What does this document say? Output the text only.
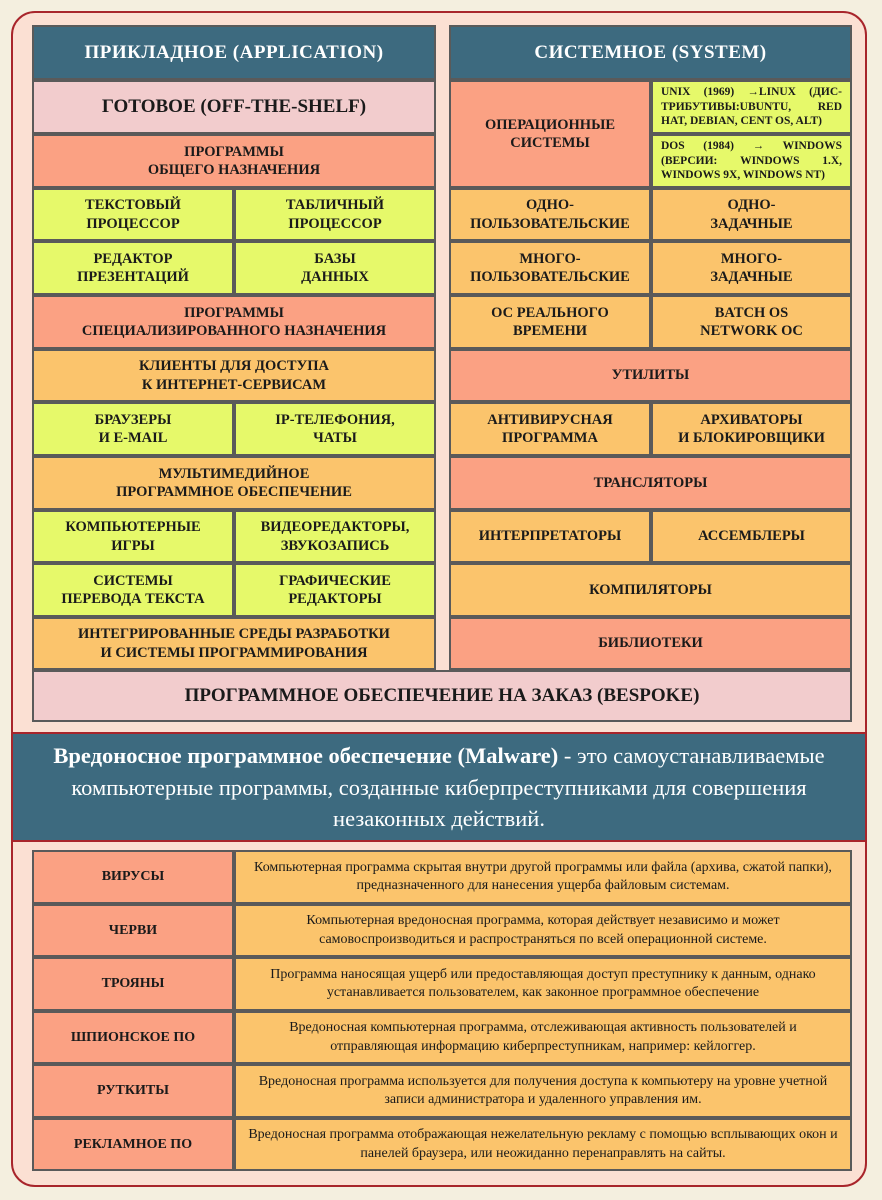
ПРИКЛАДНОЕ (APPLICATION)
ГОТОВОЕ (OFF-THE-SHELF)
ПРОГРАММЫ
ОБЩЕГО НАЗНАЧЕНИЯ
ТЕКСТОВЫЙ
ПРОЦЕССОР
ТАБЛИЧНЫЙ
ПРОЦЕССОР
РЕДАКТОР
ПРЕЗЕНТАЦИЙ
БАЗЫ
ДАННЫХ
ПРОГРАММЫ
СПЕЦИАЛИЗИРОВАННОГО НАЗНАЧЕНИЯ
КЛИЕНТЫ ДЛЯ ДОСТУПА
К ИНТЕРНЕТ-СЕРВИСАМ
БРАУЗЕРЫ
И E-MAIL
IP-ТЕЛЕФОНИЯ,
ЧАТЫ
МУЛЬТИМЕДИЙНОЕ
ПРОГРАММНОЕ ОБЕСПЕЧЕНИЕ
КОМПЬЮТЕРНЫЕ
ИГРЫ
ВИДЕОРЕДАКТОРЫ,
ЗВУКОЗАПИСЬ
СИСТЕМЫ
ПЕРЕВОДА ТЕКСТА
ГРАФИЧЕСКИЕ
РЕДАКТОРЫ
ИНТЕГРИРОВАННЫЕ СРЕДЫ РАЗРАБОТКИ
И СИСТЕМЫ ПРОГРАММИРОВАНИЯ
СИСТЕМНОЕ (SYSTEM)
ОПЕРАЦИОННЫЕ
СИСТЕМЫ
UNIX (1969) →LINUX (ДИС-ТРИБУТИВЫ:UBUNTU, RED HAT, DEBIAN, CENT OS, ALT)
DOS (1984) → WINDOWS (ВЕРСИИ: WINDOWS 1.X, WINDOWS 9X, WINDOWS NT)
ОДНО-
ПОЛЬЗОВАТЕЛЬСКИЕ
ОДНО-
ЗАДАЧНЫЕ
МНОГО-
ПОЛЬЗОВАТЕЛЬСКИЕ
МНОГО-
ЗАДАЧНЫЕ
ОС РЕАЛЬНОГО
ВРЕМЕНИ
BATCH OS
NETWORK OC
УТИЛИТЫ
АНТИВИРУСНАЯ
ПРОГРАММА
АРХИВАТОРЫ
И БЛОКИРОВЩИКИ
ТРАНСЛЯТОРЫ
ИНТЕРПРЕТАТОРЫ	АССЕМБЛЕРЫ
КОМПИЛЯТОРЫ
БИБЛИОТЕКИ
ПРОГРАММНОЕ ОБЕСПЕЧЕНИЕ НА ЗАКАЗ (BESPOKE)
Вредоносное программное обеспечение (Malware) - это самоустанавливаемые компьютерные программы, созданные киберпреступниками для совершения незаконных действий.
ВИРУСЫ
Компьютерная программа скрытая внутри другой программы или файла (архива, сжатой папки), предназначенного для нанесения ущерба файловым системам.
ЧЕРВИ
Компьютерная вредоносная программа, которая действует независимо и может самовоспроизводиться и распространяться по всей операционной системе.
ТРОЯНЫ
Программа наносящая ущерб или предоставляющая доступ преступнику к данным, однако устанавливается пользователем, как законное программное обеспечение
ШПИОНСКОЕ ПО
Вредоносная компьютерная программа, отслеживающая активность пользователей и отправляющая информацию киберпреступникам, например: кейлоггер.
РУТКИТЫ
Вредоносная программа используется для получения доступа к компьютеру на уровне учетной записи администратора и удаленного управления им.
РЕКЛАМНОЕ ПО
Вредоносная программа отображающая нежелательную рекламу с помощью всплывающих окон и панелей браузера, или неожиданно перенаправлять на сайты.
